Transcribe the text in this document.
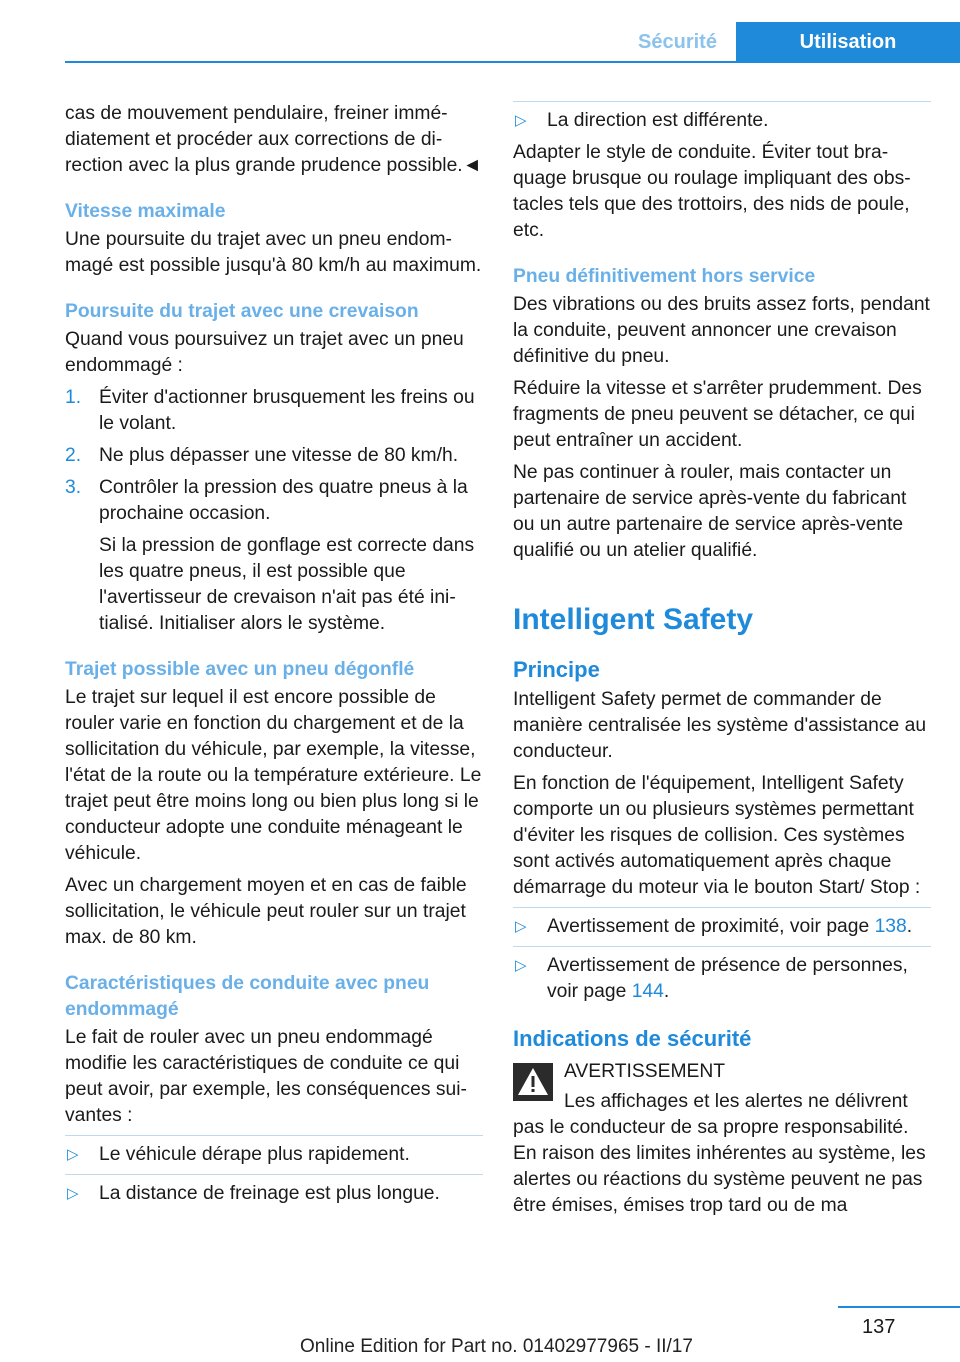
Sécurité	Utilisation

cas de mouvement pendulaire, freiner immédiatement et procéder aux corrections de direction avec la plus grande prudence possible.◄

Vitesse maximale

Une poursuite du trajet avec un pneu endommagé est possible jusqu'à 80 km/h au maximum.

Poursuite du trajet avec une crevaison

Quand vous poursuivez un trajet avec un pneu endommagé :

1. Éviter d'actionner brusquement les freins ou le volant.
2. Ne plus dépasser une vitesse de 80 km/h.
3. Contrôler la pression des quatre pneus à la prochaine occasion.

Si la pression de gonflage est correcte dans les quatre pneus, il est possible que l'avertisseur de crevaison n'ait pas été initialisé. Initialiser alors le système.

Trajet possible avec un pneu dégonflé

Le trajet sur lequel il est encore possible de rouler varie en fonction du chargement et de la sollicitation du véhicule, par exemple, la vitesse, l'état de la route ou la température extérieure. Le trajet peut être moins long ou bien plus long si le conducteur adopte une conduite ménageant le véhicule.

Avec un chargement moyen et en cas de faible sollicitation, le véhicule peut rouler sur un trajet max. de 80 km.

Caractéristiques de conduite avec pneu endommagé

Le fait de rouler avec un pneu endommagé modifie les caractéristiques de conduite ce qui peut avoir, par exemple, les conséquences suivantes :

▷	Le véhicule dérape plus rapidement.
▷	La distance de freinage est plus longue.
▷	La direction est différente.

Adapter le style de conduite. Éviter tout braquage brusque ou roulage impliquant des obstacles tels que des trottoirs, des nids de poule, etc.

Pneu définitivement hors service

Des vibrations ou des bruits assez forts, pendant la conduite, peuvent annoncer une crevaison définitive du pneu.

Réduire la vitesse et s'arrêter prudemment. Des fragments de pneu peuvent se détacher, ce qui peut entraîner un accident.

Ne pas continuer à rouler, mais contacter un partenaire de service après-vente du fabricant ou un autre partenaire de service après-vente qualifié ou un atelier qualifié.

Intelligent Safety

Principe

Intelligent Safety permet de commander de manière centralisée les système d'assistance au conducteur.

En fonction de l'équipement, Intelligent Safety comporte un ou plusieurs systèmes permettant d'éviter les risques de collision. Ces systèmes sont activés automatiquement après chaque démarrage du moteur via le bouton Start/ Stop :

▷	Avertissement de proximité, voir page 138.
▷	Avertissement de présence de personnes, voir page 144.

Indications de sécurité

AVERTISSEMENT

Les affichages et les alertes ne délivrent pas le conducteur de sa propre responsabilité. En raison des limites inhérentes au système, les alertes ou réactions du système peuvent ne pas être émises, émises trop tard ou de ma

137
Online Edition for Part no. 01402977965 - II/17
